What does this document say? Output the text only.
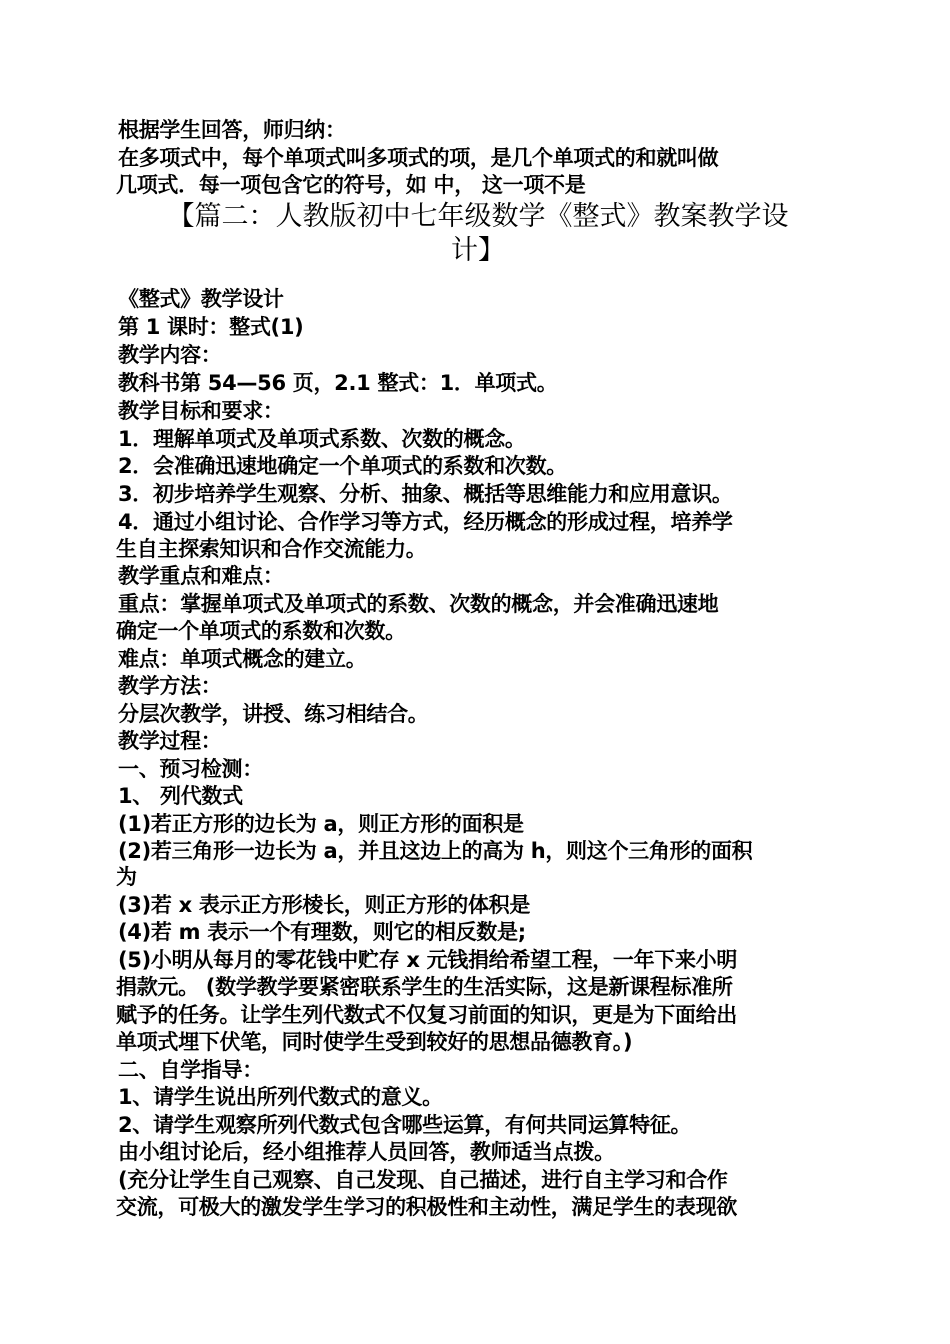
根据学生回答，师归纳：
在多项式中，每个单项式叫多项式的项，是几个单项式的和就叫做
几项式．每一项包含它的符号，如 中， 这一项不是
【篇二：人教版初中七年级数学《整式》教案教学设
计】
《整式》教学设计
第 1 课时：整式(1)
教学内容：
教科书第 54—56 页，2.1 整式：1．单项式。
教学目标和要求：
1．理解单项式及单项式系数、次数的概念。
2．会准确迅速地确定一个单项式的系数和次数。
3．初步培养学生观察、分析、抽象、概括等思维能力和应用意识。
4．通过小组讨论、合作学习等方式，经历概念的形成过程，培养学
生自主探索知识和合作交流能力。
教学重点和难点：
重点：掌握单项式及单项式的系数、次数的概念，并会准确迅速地
确定一个单项式的系数和次数。
难点：单项式概念的建立。
教学方法：
分层次教学，讲授、练习相结合。
教学过程：
一、预习检测：
1、 列代数式
(1)若正方形的边长为 a，则正方形的面积是
(2)若三角形一边长为 a，并且这边上的高为 h，则这个三角形的面积
为
(3)若 x 表示正方形棱长，则正方形的体积是
(4)若 m 表示一个有理数，则它的相反数是;
(5)小明从每月的零花钱中贮存 x 元钱捐给希望工程，一年下来小明
捐款元。 (数学教学要紧密联系学生的生活实际，这是新课程标准所
赋予的任务。让学生列代数式不仅复习前面的知识，更是为下面给出
单项式埋下伏笔，同时使学生受到较好的思想品德教育。)
二、自学指导：
1、请学生说出所列代数式的意义。
2、请学生观察所列代数式包含哪些运算，有何共同运算特征。
由小组讨论后，经小组推荐人员回答，教师适当点拨。
(充分让学生自己观察、自己发现、自己描述，进行自主学习和合作
交流，可极大的激发学生学习的积极性和主动性，满足学生的表现欲
